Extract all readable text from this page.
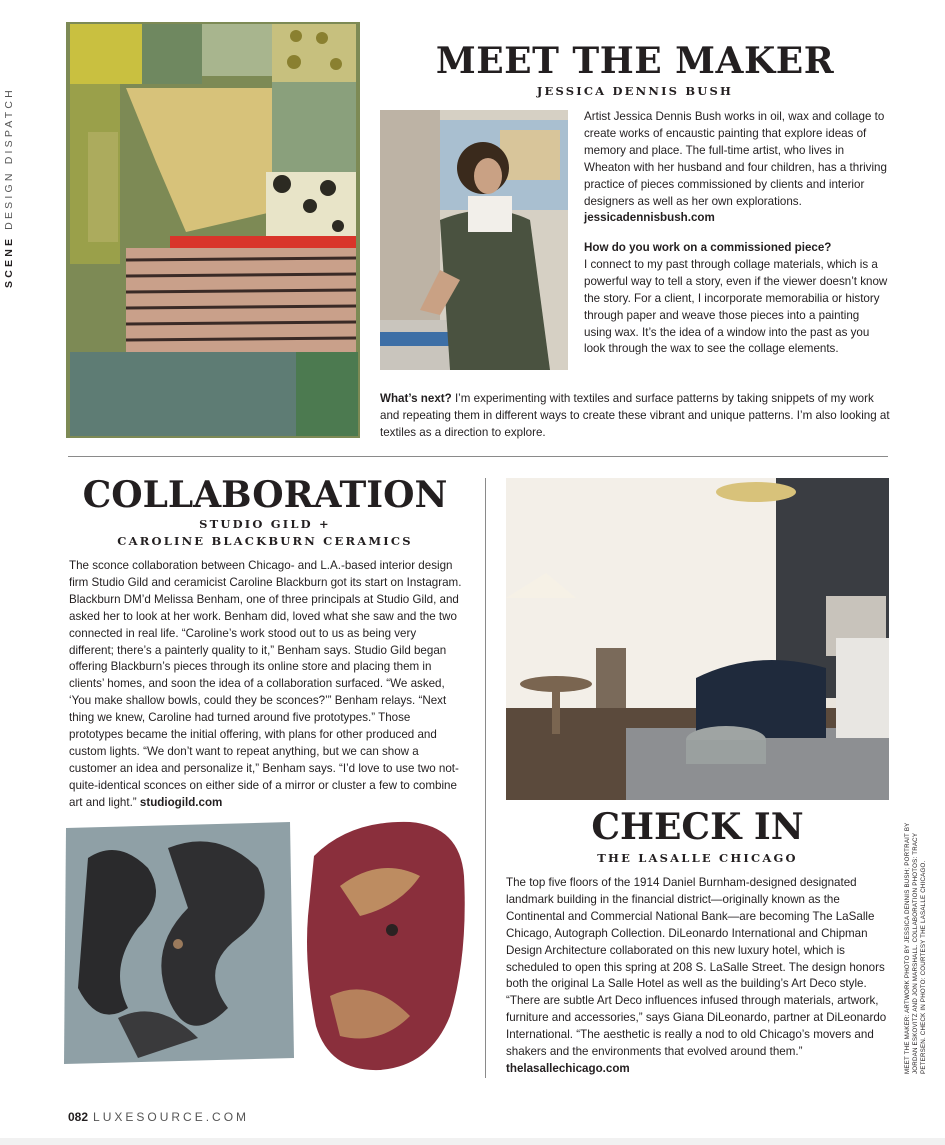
SCENEDESIGN DISPATCH
MEET THE MAKER
JESSICA DENNIS BUSH
Artist Jessica Dennis Bush works in oil, wax and collage to create works of encaustic painting that explore ideas of memory and place. The full-time artist, who lives in Wheaton with her husband and four children, has a thriving practice of pieces commissioned by clients and interior designers as well as her own explorations. jessicadennisbush.com
How do you work on a commissioned piece?
I connect to my past through collage materials, which is a powerful way to tell a story, even if the viewer doesn’t know the story. For a client, I incorporate memorabilia or history through paper and weave those pieces into a painting using wax. It’s the idea of a window into the past as you look through the wax to see the collage elements.
What’s next? I’m experimenting with textiles and surface patterns by taking snippets of my work and repeating them in different ways to create these vibrant and unique patterns. I’m also looking at textiles as a direction to explore.
COLLABORATION
STUDIO GILD +
CAROLINE BLACKBURN CERAMICS
The sconce collaboration between Chicago- and L.A.-based interior design firm Studio Gild and ceramicist Caroline Blackburn got its start on Instagram. Blackburn DM’d Melissa Benham, one of three principals at Studio Gild, and asked her to look at her work. Benham did, loved what she saw and the two connected in real life. “Caroline’s work stood out to us as being very different; there’s a painterly quality to it,” Benham says. Studio Gild began offering Blackburn’s pieces through its online store and placing them in clients’ homes, and soon the idea of a collaboration surfaced. “We asked, ‘You make shallow bowls, could they be sconces?’” Benham relays. “Next thing we knew, Caroline had turned around five prototypes.” Those prototypes became the initial offering, with plans for other produced and custom lights. “We don’t want to repeat anything, but we can show a customer an idea and personalize it,” Benham says. “I’d love to use two not-quite-identical sconces on either side of a mirror or cluster a few to combine art and light.” studiogild.com
CHECK IN
THE LASALLE CHICAGO
The top five floors of the 1914 Daniel Burnham-designed designated landmark building in the financial district—originally known as the Continental and Commercial National Bank—are becoming The LaSalle Chicago, Autograph Collection. DiLeonardo International and Chipman Design Architecture collaborated on this new luxury hotel, which is scheduled to open this spring at 208 S. LaSalle Street. The design honors both the original La Salle Hotel as well as the building’s Art Deco style. “There are subtle Art Deco influences infused through materials, artwork, furniture and accessories,” says Giana DiLeonardo, partner at DiLeonardo International. “The aesthetic is really a nod to old Chicago’s movers and shakers and the environments that evolved around them.” thelasallechicago.com	MEET THE MAKER: ARTWORK PHOTO BY JESSICA DENNIS BUSH; PORTRAIT BY JORDAN ESKOVITZ AND JON MARSHALL. COLLABORATION PHOTOS: TRACY PETERSEN. CHECK IN PHOTO: COURTESY THE LASALLE CHICAGO.
082 LUXESOURCE.COM
